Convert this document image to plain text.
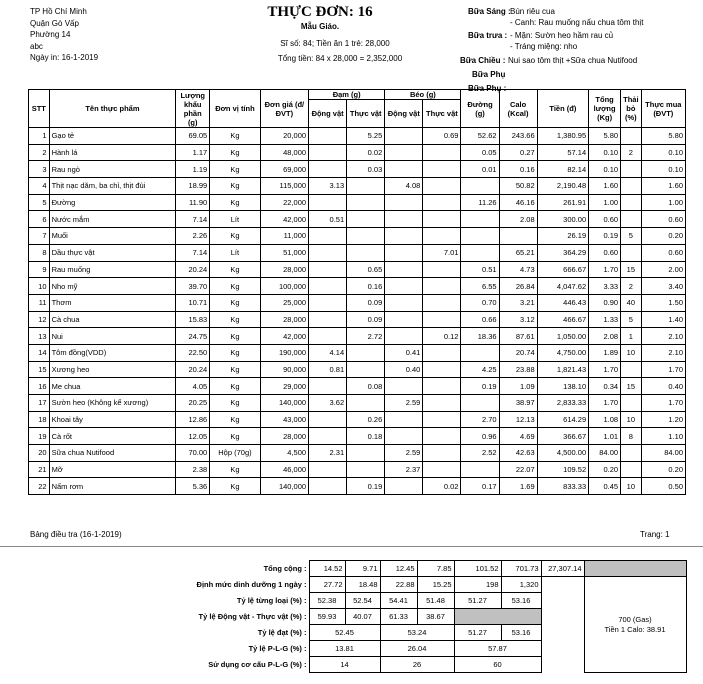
TP Hồ Chí Minh
Quận Gò Vấp
Phường 14
abc
Ngày in: 16-1-2019
THỰC ĐƠN: 16
Mẫu Giáo.
Sĩ số: 84; Tiền ăn 1 trẻ: 28,000
Tổng tiền: 84 x 28,000 = 2,352,000
Bữa Sáng : Bún riêu cua
- Canh: Rau muống nấu chua tôm thịt
Bữa trưa : - Mặn: Sườn heo hầm rau củ
- Tráng miệng: nho
Bữa Chiều : Nui sao tôm thịt +Sữa chua Nutifood
Bữa Phụ
Bữa Phụ :
STT	Tên thực phẩm	Lượng khẩu phần (g)	Đơn vị tính	Đơn giá (đ/ĐVT)	Đạm (g)		Béo (g)		Đường (g)	Calo (Kcal)	Tiền (đ)	Tổng lượng (Kg)	Thải bỏ (%)	Thực mua (ĐVT)
					Động vật	Thực vật	Động vật	Thực vật						
1	Gạo tẻ	69.05	Kg	20,000		5.25		0.69	52.62	243.66	1,380.95	5.80		5.80
2	Hành lá	1.17	Kg	48,000		0.02			0.05	0.27	57.14	0.10	2	0.10
3	Rau ngò	1.19	Kg	69,000		0.03			0.01	0.16	82.14	0.10		0.10
4	Thịt nạc dăm, ba chỉ, thịt đùi	18.99	Kg	115,000	3.13		4.08			50.82	2,190.48	1.60		1.60
5	Đường	11.90	Kg	22,000					11.26	46.16	261.91	1.00		1.00
6	Nước mắm	7.14	Lít	42,000	0.51					2.08	300.00	0.60		0.60
7	Muối	2.26	Kg	11,000							26.19	0.19	5	0.20
8	Dầu thực vật	7.14	Lít	51,000				7.01		65.21	364.29	0.60		0.60
9	Rau muống	20.24	Kg	28,000		0.65			0.51	4.73	666.67	1.70	15	2.00
10	Nho mỹ	39.70	Kg	100,000		0.16			6.55	26.84	4,047.62	3.33	2	3.40
11	Thơm	10.71	Kg	25,000		0.09			0.70	3.21	446.43	0.90	40	1.50
12	Cà chua	15.83	Kg	28,000		0.09			0.66	3.12	466.67	1.33	5	1.40
13	Nui	24.75	Kg	42,000		2.72		0.12	18.36	87.61	1,050.00	2.08	1	2.10
14	Tôm đồng(VDD)	22.50	Kg	190,000	4.14		0.41			20.74	4,750.00	1.89	10	2.10
15	Xương heo	20.24	Kg	90,000	0.81		0.40		4.25	23.88	1,821.43	1.70		1.70
16	Me chua	4.05	Kg	29,000		0.08			0.19	1.09	138.10	0.34	15	0.40
17	Sườn heo (Không kể xương)	20.25	Kg	140,000	3.62		2.59			38.97	2,833.33	1.70		1.70
18	Khoai tây	12.86	Kg	43,000		0.26			2.70	12.13	614.29	1.08	10	1.20
19	Cà rốt	12.05	Kg	28,000		0.18			0.96	4.69	366.67	1.01	8	1.10
20	Sữa chua Nutifood	70.00	Hộp (70g)	4,500	2.31		2.59		2.52	42.63	4,500.00	84.00		84.00
21	Mỡ	2.38	Kg	46,000			2.37			22.07	109.52	0.20		0.20
22	Nấm rơm	5.36	Kg	140,000		0.19		0.02	0.17	1.69	833.33	0.45	10	0.50
Bảng điều tra (16-1-2019)	Trang: 1
Tổng cộng :	14.52	9.71	12.45	7.85	101.52	701.73	27,307.14	
Định mức dinh dưỡng 1 ngày :	27.72	18.48	22.88	15.25	198	1,320		700 (Gas)
Tiền 1 Calo: 38.91

Tỷ lệ từng loại (%) :	52.38	52.54	54.41	51.48	51.27	53.16		
Tỷ lệ Động vật - Thực vật (%) :	59.93	40.07	61.33	38.67				
Tỷ lệ đạt (%) :	52.45		53.24		51.27	53.16		
Tỷ lệ P-L-G (%) :	13.81		26.04		57.87			
Sử dụng cơ cấu P-L-G (%) :	14		26		60			
